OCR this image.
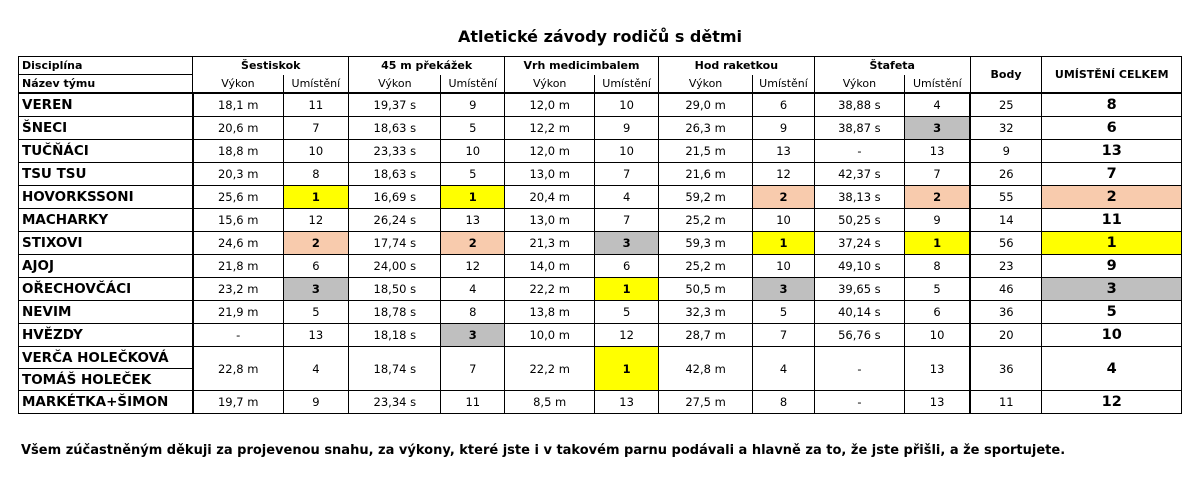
Atletické závody rodičů s dětmi
Disciplína	Šestiskok		45 m překážek		Vrh medicimbalem		Hod raketkou		Štafeta		Body	UMÍSTĚNÍ CELKEM
Název týmu	Výkon	Umístění	Výkon	Umístění	Výkon	Umístění	Výkon	Umístění	Výkon	Umístění		
VEREN	18,1 m	11	19,37 s	9	12,0 m	10	29,0 m	6	38,88 s	4	25	8
ŠNECI	20,6 m	7	18,63 s	5	12,2 m	9	26,3 m	9	38,87 s	3	32	6
TUČŇÁCI	18,8 m	10	23,33 s	10	12,0 m	10	21,5 m	13	-	13	9	13
TSU TSU	20,3 m	8	18,63 s	5	13,0 m	7	21,6 m	12	42,37 s	7	26	7
HOVORKSSONI	25,6 m	1	16,69 s	1	20,4 m	4	59,2 m	2	38,13 s	2	55	2
MACHARKY	15,6 m	12	26,24 s	13	13,0 m	7	25,2 m	10	50,25 s	9	14	11
STIXOVI	24,6 m	2	17,74 s	2	21,3 m	3	59,3 m	1	37,24 s	1	56	1
AJOJ	21,8 m	6	24,00 s	12	14,0 m	6	25,2 m	10	49,10 s	8	23	9
OŘECHOVČÁCI	23,2 m	3	18,50 s	4	22,2 m	1	50,5 m	3	39,65 s	5	46	3
NEVIM	21,9 m	5	18,78 s	8	13,8 m	5	32,3 m	5	40,14 s	6	36	5
HVĚZDY	-	13	18,18 s	3	10,0 m	12	28,7 m	7	56,76 s	10	20	10
VERČA HOLEČKOVÁ	22,8 m	4	18,74 s	7	22,2 m	1	42,8 m	4	-	13	36	4
TOMÁŠ HOLEČEK												
MARKÉTKA+ŠIMON	19,7 m	9	23,34 s	11	8,5 m	13	27,5 m	8	-	13	11	12
Všem zúčastněným děkuji za projevenou snahu, za výkony, které jste i v takovém parnu podávali a hlavně za to, že jste přišli, a že sportujete.
